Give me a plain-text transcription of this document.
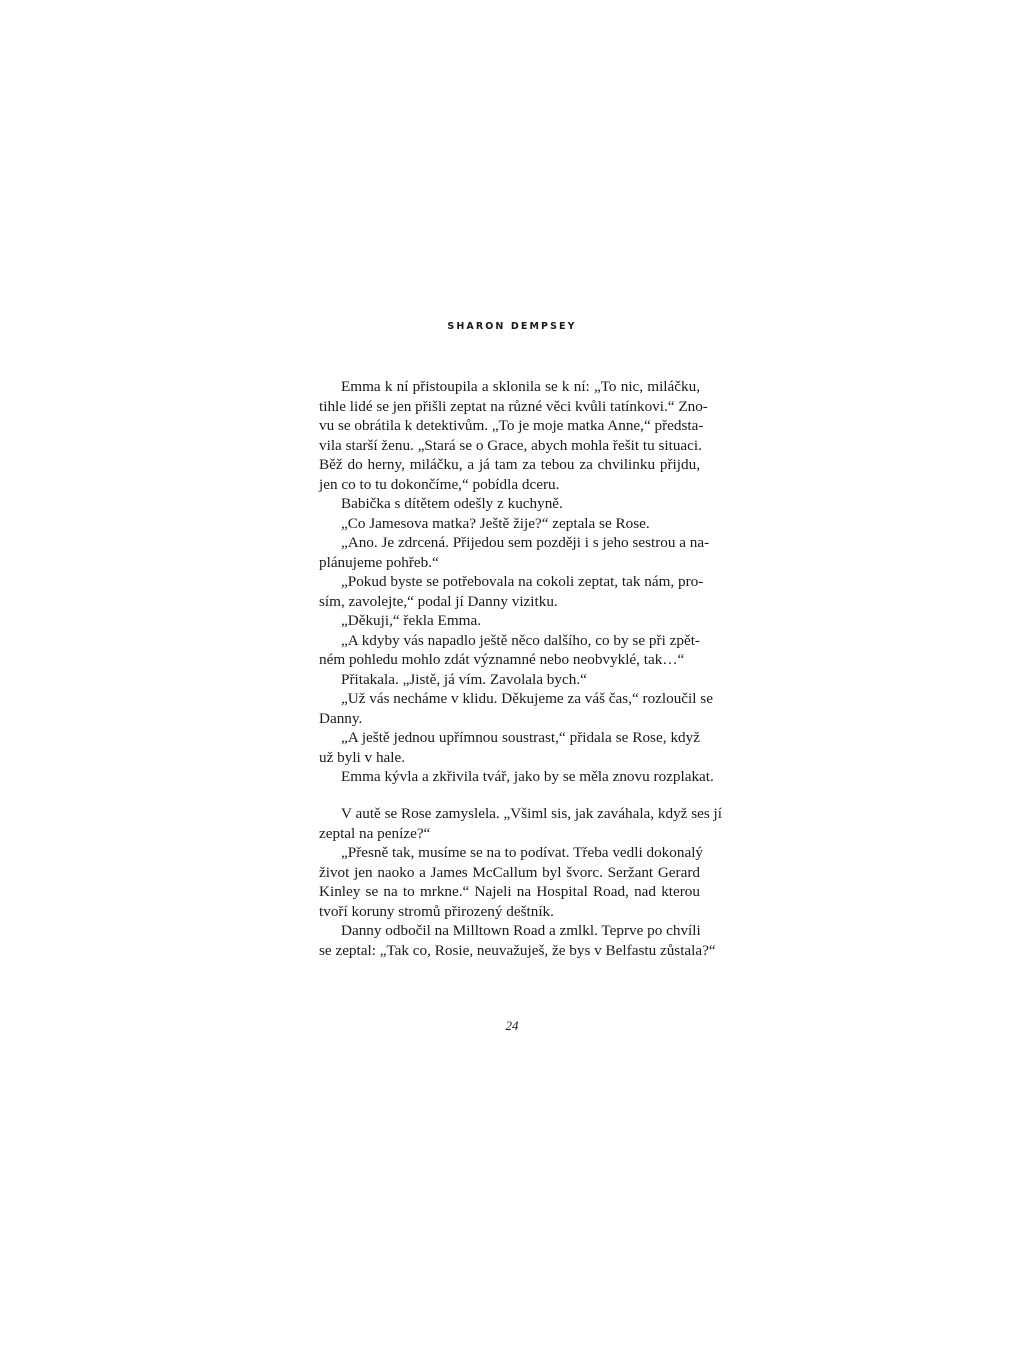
SHARON DEMPSEY
Emma k ní přistoupila a sklonila se k ní: „To nic, miláčku,
tihle lidé se jen přišli zeptat na různé věci kvůli tatínkovi.“ Zno-
vu se obrátila k detektivům. „To je moje matka Anne,“ předsta-
vila starší ženu. „Stará se o Grace, abych mohla řešit tu situaci.
Běž do herny, miláčku, a já tam za tebou za chvilinku přijdu,
jen co to tu dokončíme,“ pobídla dceru.
Babička s dítětem odešly z kuchyně.
„Co Jamesova matka? Ještě žije?“ zeptala se Rose.
„Ano. Je zdrcená. Přijedou sem později i s jeho sestrou a na-
plánujeme pohřeb.“
„Pokud byste se potřebovala na cokoli zeptat, tak nám, pro-
sím, zavolejte,“ podal jí Danny vizitku.
„Děkuji,“ řekla Emma.
„A kdyby vás napadlo ještě něco dalšího, co by se při zpět-
ném pohledu mohlo zdát významné nebo neobvyklé, tak…“
Přitakala. „Jistě, já vím. Zavolala bych.“
„Už vás necháme v klidu. Děkujeme za váš čas,“ rozloučil se
Danny.
„A ještě jednou upřímnou soustrast,“ přidala se Rose, když
už byli v hale.
Emma kývla a zkřivila tvář, jako by se měla znovu rozplakat.
V autě se Rose zamyslela. „Všiml sis, jak zaváhala, když ses jí
zeptal na peníze?“
„Přesně tak, musíme se na to podívat. Třeba vedli dokonalý
život jen naoko a James McCallum byl švorc. Seržant Gerard
Kinley se na to mrkne.“ Najeli na Hospital Road, nad kterou
tvoří koruny stromů přirozený deštník.
Danny odbočil na Milltown Road a zmlkl. Teprve po chvíli
se zeptal: „Tak co, Rosie, neuvažuješ, že bys v Belfastu zůstala?“
24
